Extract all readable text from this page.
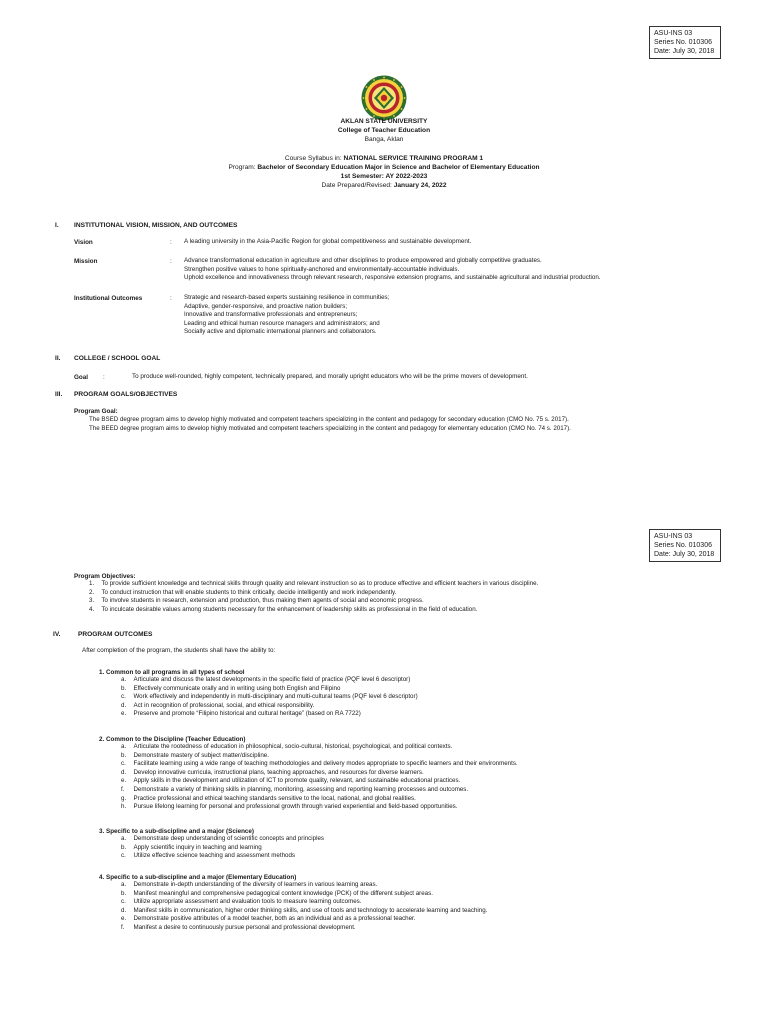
ASU-INS 03
Series No. 010306
Date: July 30, 2018
AKLAN STATE UNIVERSITY
College of Teacher Education
Banga, Aklan
Course Syllabus in: NATIONAL SERVICE TRAINING PROGRAM 1
Program: Bachelor of Secondary Education Major in Science and Bachelor of Elementary Education
1st Semester: AY 2022-2023
Date Prepared/Revised: January 24, 2022
I. INSTITUTIONAL VISION, MISSION, AND OUTCOMES
Vision	: A leading university in the Asia-Pacific Region for global competitiveness and sustainable development.
Mission	: Advance transformational education in agriculture and other disciplines to produce empowered and globally competitive graduates.
Strengthen positive values to hone spiritually-anchored and environmentally-accountable individuals.
Uphold excellence and innovativeness through relevant research, responsive extension programs, and sustainable agricultural and industrial production.
Institutional Outcomes	: Strategic and research-based experts sustaining resilience in communities;
Adaptive, gender-responsive, and proactive nation builders;
Innovative and transformative professionals and entrepreneurs;
Leading and ethical human resource managers and administrators; and
Socially active and diplomatic international planners and collaborators.
II. COLLEGE / SCHOOL GOAL
Goal :	To produce well-rounded, highly competent, technically prepared, and morally upright educators who will be the prime movers of development.
III. PROGRAM GOALS/OBJECTIVES
Program Goal:
The BSED degree program aims to develop highly motivated and competent teachers specializing in the content and pedagogy for secondary education (CMO No. 75 s. 2017).
The BEED degree program aims to develop highly motivated and competent teachers specializing in the content and pedagogy for elementary education (CMO No. 74 s. 2017).
ASU-INS 03
Series No. 010306
Date: July 30, 2018
Program Objectives:
1.
	To provide sufficient knowledge and technical skills through quality and relevant instruction so as to produce effective and efficient teachers in various discipline.
2.
	To conduct instruction that will enable students to think critically, decide intelligently and work independently.
3.
	To involve students in research, extension and production, thus making them agents of social and economic progress.
4.
	To inculcate desirable values among students necessary for the enhancement of leadership skills as professional in the field of education.
IV.	PROGRAM OUTCOMES
After completion of the program, the students shall have the ability to:
1. Common to all programs in all types of school
a.
	Articulate and discuss the latest developments in the specific field of practice (PQF level 6 descriptor)
b.
	Effectively communicate orally and in writing using both English and Filipino
c.
	Work effectively and independently in multi-disciplinary and multi-cultural teams (PQF level 6 descriptor)
d.
	Act in recognition of professional, social, and ethical responsibility.
e.
	Preserve and promote “Filipino historical and cultural heritage” (based on RA 7722)
2. Common to the Discipline (Teacher Education)
a.
	Articulate the rootedness of education in philosophical, socio-cultural, historical, psychological, and political contexts.
b.
	Demonstrate mastery of subject matter/discipline.
c.
	Facilitate learning using a wide range of teaching methodologies and delivery modes appropriate to specific learners and their environments.
d.
	Develop innovative curricula, instructional plans, teaching approaches, and resources for diverse learners.
e.
	Apply skills in the development and utilization of ICT to promote quality, relevant, and sustainable educational practices.
f.
	Demonstrate a variety of thinking skills in planning, monitoring, assessing and reporting learning processes and outcomes.
g.
	Practice professional and ethical teaching standards sensitive to the local, national, and global realities.
h.
	Pursue lifelong learning for personal and professional growth through varied experiential and field-based opportunities.
3. Specific to a sub-discipline and a major (Science)
a.
	Demonstrate deep understanding of scientific concepts and principles
b.
	Apply scientific inquiry in teaching and learning
c.
	Utilize effective science teaching and assessment methods
4. Specific to a sub-discipline and a major (Elementary Education)
a.
	Demonstrate in-depth understanding of the diversity of learners in various learning areas.
b.
	Manifest meaningful and comprehensive pedagogical content knowledge (PCK) of the different subject areas.
c.
	Utilize appropriate assessment and evaluation tools to measure learning outcomes.
d.
	Manifest skills in communication, higher order thinking skills, and use of tools and technology to accelerate learning and teaching.
e.
	Demonstrate positive attributes of a model teacher, both as an individual and as a professional teacher.
f.
	Manifest a desire to continuously pursue personal and professional development.
